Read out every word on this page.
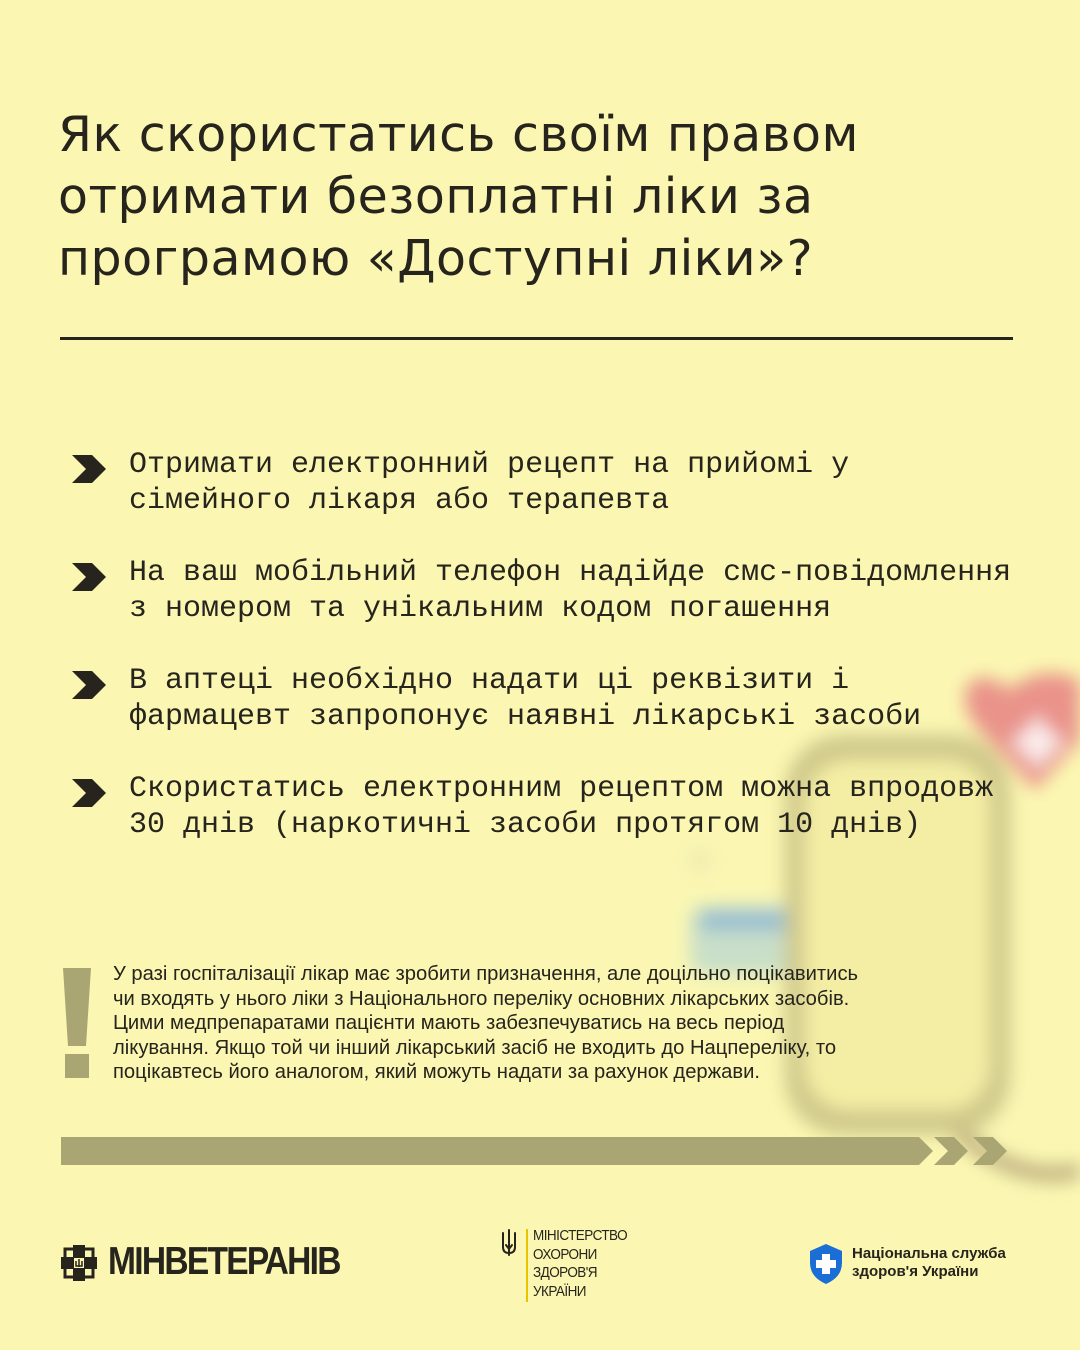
Як скористатись своїм правом отримати безоплатні ліки за програмою «Доступні ліки»?

Отримати електронний рецепт на прийомі у
сімейного лікаря або терапевта

На ваш мобільний телефон надійде смс-повідомлення
з номером та унікальним кодом погашення

В аптеці необхідно надати ці реквізити і
фармацевт запропонує наявні лікарські засоби

Скористатись електронним рецептом можна впродовж
30 днів (наркотичні засоби протягом 10 днів)

У разі госпіталізації лікар має зробити призначення, але доцільно поцікавитись
чи входять у нього ліки з Національного переліку основних лікарських засобів.
Цими медпрепаратами пацієнти мають забезпечуватись на весь період
лікування. Якщо той чи інший лікарський засіб не входить до Нацпереліку, то
поцікавтесь його аналогом, який можуть надати за рахунок держави.

МІНВЕТЕРАНІВ
МІНІСТЕРСТВО
ОХОРОНИ
ЗДОРОВ'Я
УКРАЇНИ
Національна служба
здоров'я України
